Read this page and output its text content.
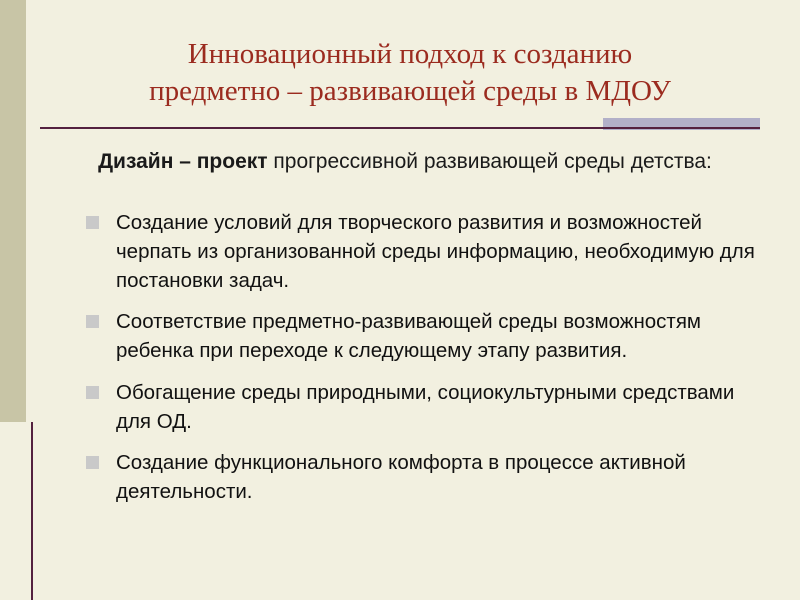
Инновационный подход к созданию
предметно – развивающей среды в МДОУ
Дизайн – проект прогрессивной развивающей среды детства:
Создание условий для творческого развития и возможностей черпать из организованной среды информацию, необходимую для постановки задач.
Соответствие предметно-развивающей среды возможностям ребенка при переходе к следующему этапу развития.
Обогащение среды природными, социокультурными средствами для ОД.
Создание функционального комфорта в процессе активной деятельности.
